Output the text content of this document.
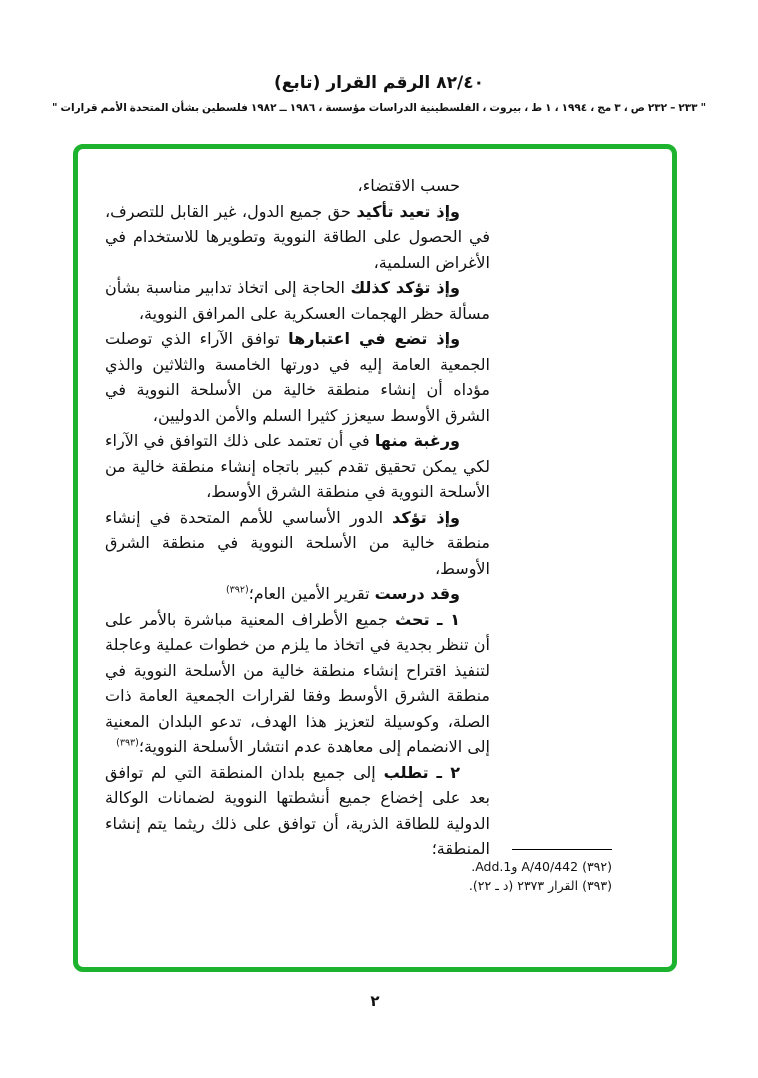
(تابع) القرار الرقم ٨٢/٤٠
" قرارات الأمم المتحدة بشأن فلسطين ١٩٨٢ ــ ١٩٨٦ ، مؤسسة الدراسات الفلسطينية ، بيروت ، ط ١ ، ١٩٩٤ ، مج ٣ ، ص ٢٣٢ – ٢٣٣ "

حسب الاقتضاء،

وإذ تعيد تأكيد حق جميع الدول، غير القابل للتصرف، في الحصول على الطاقة النووية وتطويرها للاستخدام في الأغراض السلمية،

وإذ تؤكد كذلك الحاجة إلى اتخاذ تدابير مناسبة بشأن مسألة حظر الهجمات العسكرية على المرافق النووية،

وإذ تضع في اعتبارها توافق الآراء الذي توصلت الجمعية العامة إليه في دورتها الخامسة والثلاثين والذي مؤداه أن إنشاء منطقة خالية من الأسلحة النووية في الشرق الأوسط سيعزز كثيرا السلم والأمن الدوليين،

ورغبة منها في أن تعتمد على ذلك التوافق في الآراء لكي يمكن تحقيق تقدم كبير باتجاه إنشاء منطقة خالية من الأسلحة النووية في منطقة الشرق الأوسط،

وإذ تؤكد الدور الأساسي للأمم المتحدة في إنشاء منطقة خالية من الأسلحة النووية في منطقة الشرق الأوسط،

وقد درست تقرير الأمين العام؛$^{(٣٩٢)}$

١ ـ تحث جميع الأطراف المعنية مباشرة بالأمر على أن تنظر بجدية في اتخاذ ما يلزم من خطوات عملية وعاجلة لتنفيذ اقتراح إنشاء منطقة خالية من الأسلحة النووية في منطقة الشرق الأوسط وفقا لقرارات الجمعية العامة ذات الصلة، وكوسيلة لتعزيز هذا الهدف، تدعو البلدان المعنية إلى الانضمام إلى معاهدة عدم انتشار الأسلحة النووية؛$^{(٣٩٣)}$

٢ ـ تطلب إلى جميع بلدان المنطقة التي لم توافق بعد على إخضاع جميع أنشطتها النووية لضمانات الوكالة الدولية للطاقة الذرية، أن توافق على ذلك ريثما يتم إنشاء المنطقة؛

(٣٩٢) A/40/442 وAdd.1.

(٣٩٣) القرار ٢٣٧٣ (د ـ ٢٢).

٢
